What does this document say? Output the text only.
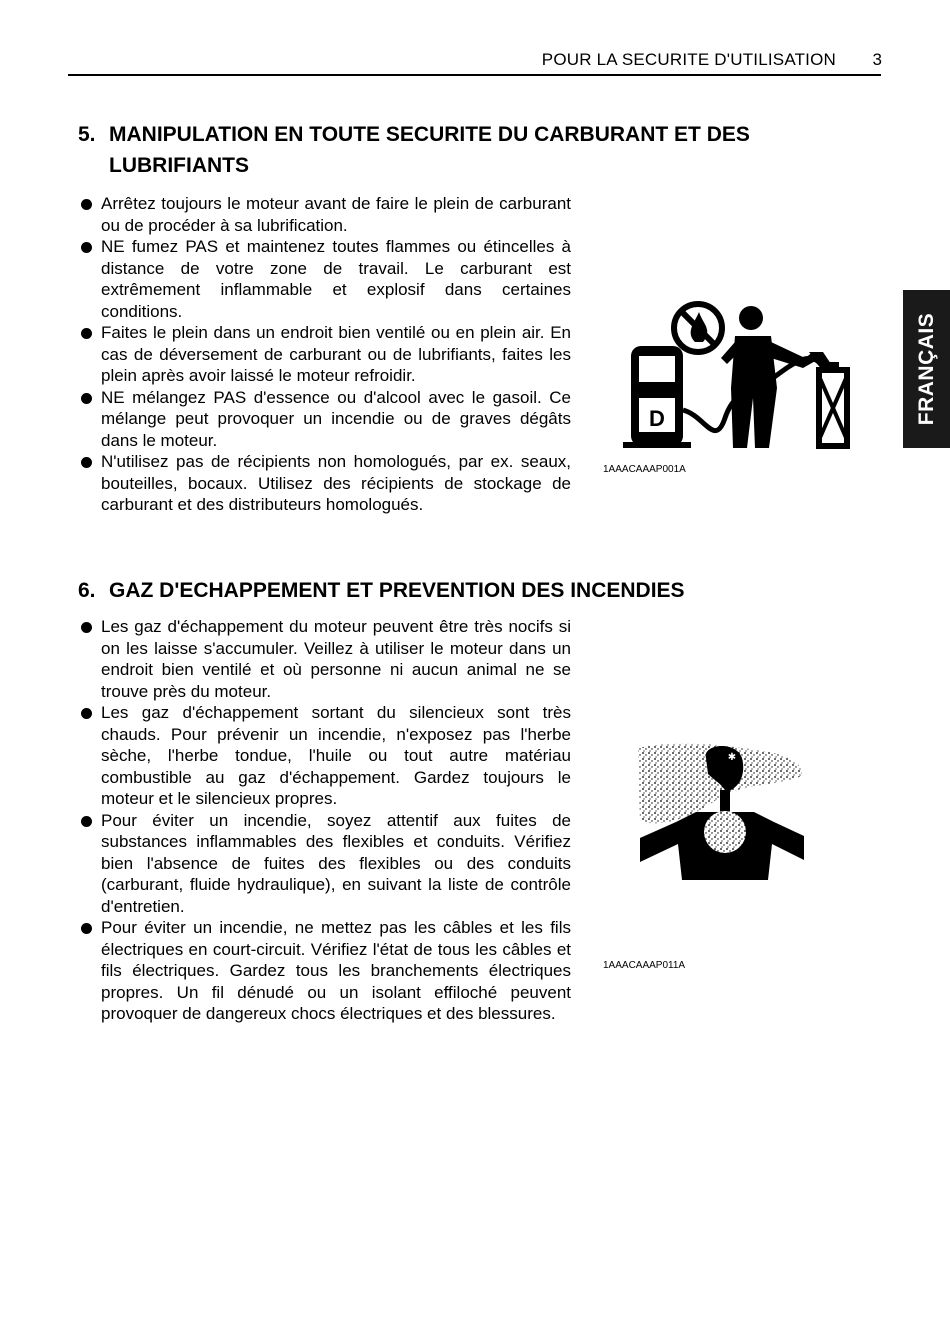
POUR LA SECURITE D'UTILISATION	3
FRANÇAIS
5. MANIPULATION EN TOUTE SECURITE DU CARBURANT ET DES LUBRIFIANTS
Arrêtez toujours le moteur avant de faire le plein de carburant ou de procéder à sa lubrification.
NE fumez PAS et maintenez toutes flammes ou étincelles à distance de votre zone de travail. Le carburant est extrêmement inflammable et explosif dans certaines conditions.
Faites le plein dans un endroit bien ventilé ou en plein air. En cas de déversement de carburant ou de lubrifiants, faites les plein après avoir laissé le moteur refroidir.
NE mélangez PAS d'essence ou d'alcool avec le gasoil. Ce mélange peut provoquer un incendie ou de graves dégâts dans le moteur.
N'utilisez pas de récipients non homologués, par ex. seaux, bouteilles, bocaux. Utilisez des récipients de stockage de carburant et des distributeurs homologués.
D
1AAACAAAP001A
6. GAZ D'ECHAPPEMENT ET PREVENTION DES INCENDIES
Les gaz d'échappement du moteur peuvent être très nocifs si on les laisse s'accumuler. Veillez à utiliser le moteur dans un endroit bien ventilé et où personne ni aucun animal ne se trouve près du moteur.
Les gaz d'échappement sortant du silencieux sont très chauds. Pour prévenir un incendie, n'exposez pas l'herbe sèche, l'herbe tondue, l'huile ou tout autre matériau combustible au gaz d'échappement. Gardez toujours le moteur et le silencieux propres.
Pour éviter un incendie, soyez attentif aux fuites de substances inflammables des flexibles et conduits. Vérifiez bien l'absence de fuites des flexibles ou des conduits (carburant, fluide hydraulique), en suivant la liste de contrôle d'entretien.
Pour éviter un incendie, ne mettez pas les câbles et les fils électriques en court-circuit. Vérifiez l'état de tous les câbles et fils électriques. Gardez tous les branchements électriques propres. Un fil dénudé ou un isolant effiloché peuvent provoquer de dangereux chocs électriques et des blessures.
✱
1AAACAAAP011A
